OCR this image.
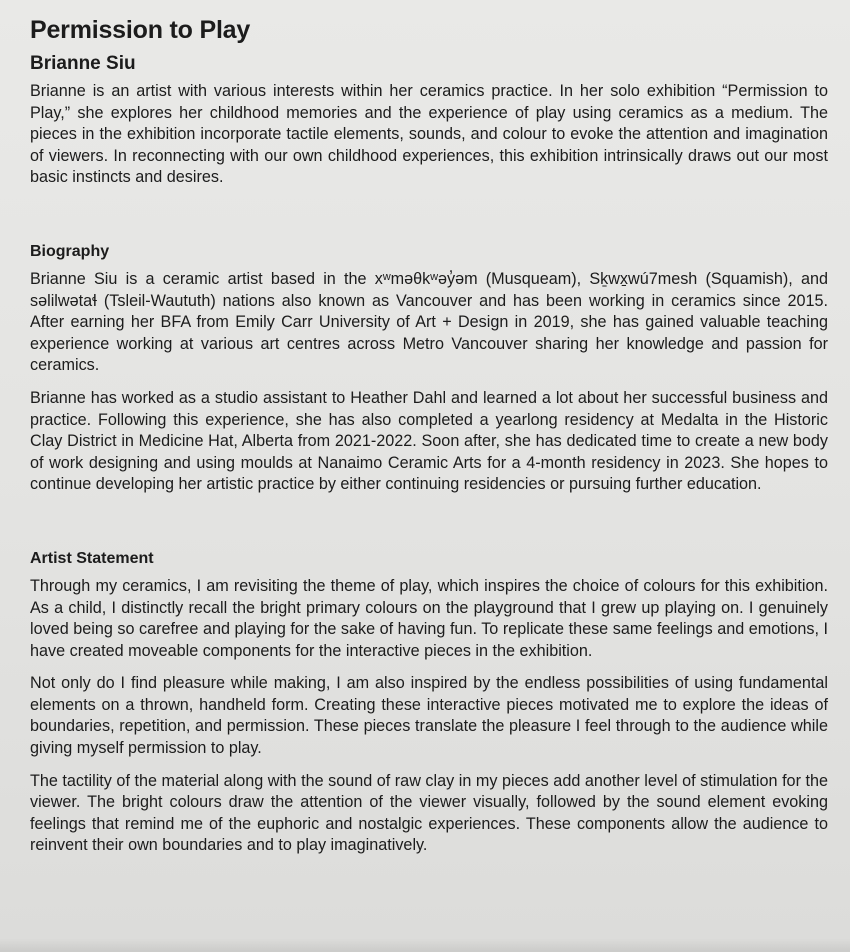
Permission to Play
Brianne Siu

Brianne is an artist with various interests within her ceramics practice. In her solo exhibition “Permission to Play,” she explores her childhood memories and the experience of play using ceramics as a medium. The pieces in the exhibition incorporate tactile elements, sounds, and colour to evoke the attention and imagination of viewers. In reconnecting with our own childhood experiences, this exhibition intrinsically draws out our most basic instincts and desires.

Biography

Brianne Siu is a ceramic artist based in the xʷməθkʷəy̓əm (Musqueam), Sḵwx̱wú7mesh (Squamish), and səlilwətaɬ (Tsleil-Waututh) nations also known as Vancouver and has been working in ceramics since 2015. After earning her BFA from Emily Carr University of Art + Design in 2019, she has gained valuable teaching experience working at various art centres across Metro Vancouver sharing her knowledge and passion for ceramics.

Brianne has worked as a studio assistant to Heather Dahl and learned a lot about her successful business and practice. Following this experience, she has also completed a yearlong residency at Medalta in the Historic Clay District in Medicine Hat, Alberta from 2021-2022. Soon after, she has dedicated time to create a new body of work designing and using moulds at Nanaimo Ceramic Arts for a 4-month residency in 2023. She hopes to continue developing her artistic practice by either continuing residencies or pursuing further education.

Artist Statement

Through my ceramics, I am revisiting the theme of play, which inspires the choice of colours for this exhibition. As a child, I distinctly recall the bright primary colours on the playground that I grew up playing on. I genuinely loved being so carefree and playing for the sake of having fun. To replicate these same feelings and emotions, I have created moveable components for the interactive pieces in the exhibition.

Not only do I find pleasure while making, I am also inspired by the endless possibilities of using fundamental elements on a thrown, handheld form. Creating these interactive pieces motivated me to explore the ideas of boundaries, repetition, and permission. These pieces translate the pleasure I feel through to the audience while giving myself permission to play.

The tactility of the material along with the sound of raw clay in my pieces add another level of stimulation for the viewer. The bright colours draw the attention of the viewer visually, followed by the sound element evoking feelings that remind me of the euphoric and nostalgic experiences. These components allow the audience to reinvent their own boundaries and to play imaginatively.
